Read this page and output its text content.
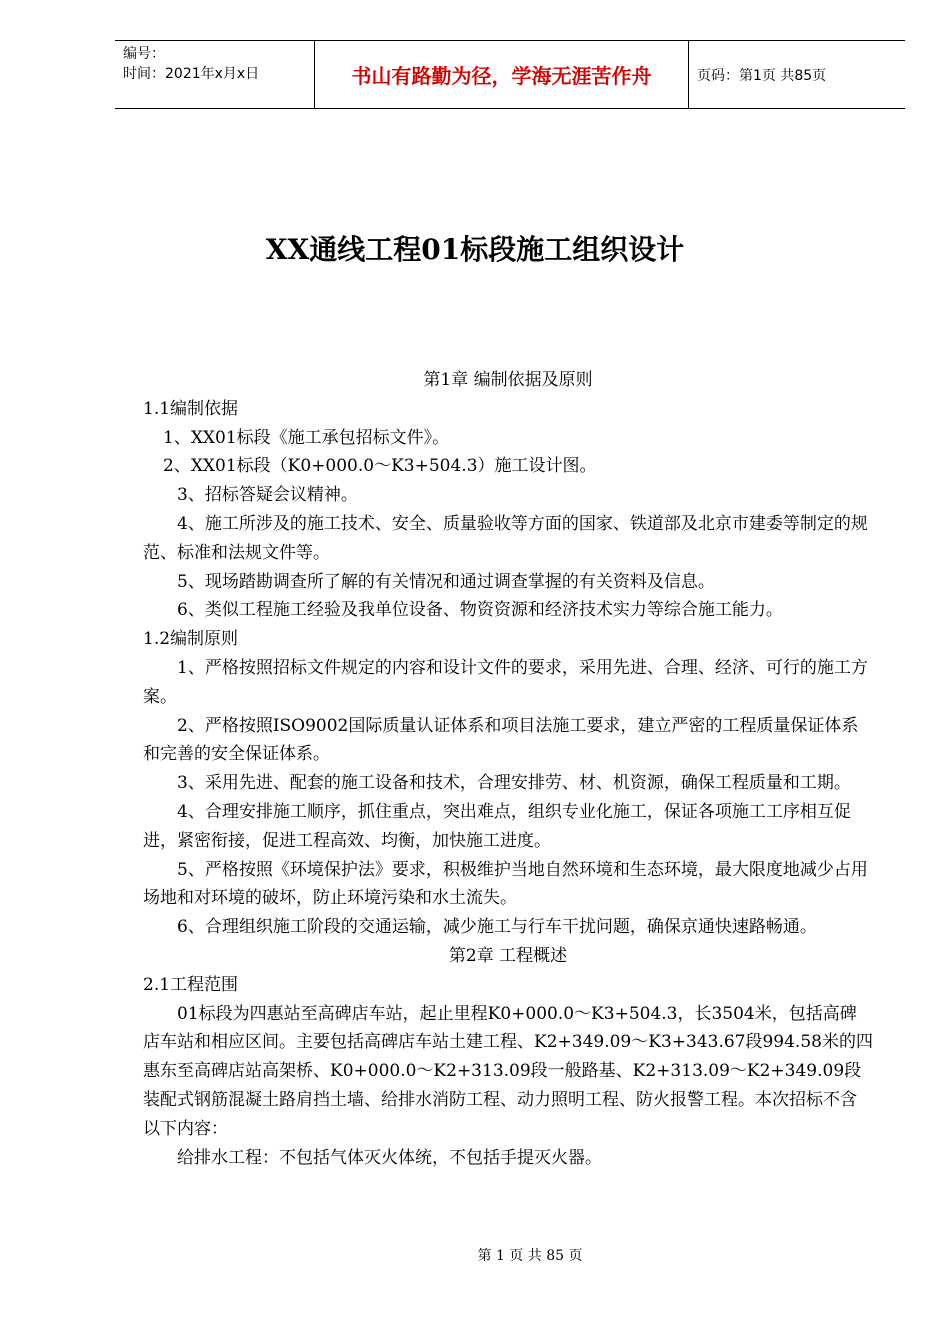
编号：
时间：2021年x月x日	书山有路勤为径，学海无涯苦作舟	页码：第1页 共85页
XX通线工程01标段施工组织设计

第1章 编制依据及原则

1.1编制依据

1、XX01标段《施工承包招标文件》。

2、XX01标段（K0+000.0～K3+504.3）施工设计图。

3、招标答疑会议精神。

4、施工所涉及的施工技术、安全、质量验收等方面的国家、铁道部及北京市建委等制定的规范、标准和法规文件等。

5、现场踏勘调查所了解的有关情况和通过调查掌握的有关资料及信息。

6、类似工程施工经验及我单位设备、物资资源和经济技术实力等综合施工能力。

1.2编制原则

1、严格按照招标文件规定的内容和设计文件的要求，采用先进、合理、经济、可行的施工方案。

2、严格按照ISO9002国际质量认证体系和项目法施工要求，建立严密的工程质量保证体系和完善的安全保证体系。

3、采用先进、配套的施工设备和技术，合理安排劳、材、机资源，确保工程质量和工期。

4、合理安排施工顺序，抓住重点，突出难点，组织专业化施工，保证各项施工工序相互促进，紧密衔接，促进工程高效、均衡，加快施工进度。

5、严格按照《环境保护法》要求，积极维护当地自然环境和生态环境，最大限度地减少占用场地和对环境的破坏，防止环境污染和水土流失。

6、合理组织施工阶段的交通运输，减少施工与行车干扰问题，确保京通快速路畅通。

第2章 工程概述

2.1工程范围

01标段为四惠站至高碑店车站，起止里程K0+000.0～K3+504.3，长3504米，包括高碑店车站和相应区间。主要包括高碑店车站土建工程、K2+349.09～K3+343.67段994.58米的四惠东至高碑店站高架桥、K0+000.0～K2+313.09段一般路基、K2+313.09～K2+349.09段装配式钢筋混凝土路肩挡土墙、给排水消防工程、动力照明工程、防火报警工程。本次招标不含以下内容：

给排水工程：不包括气体灭火体统，不包括手提灭火器。

第 1 页 共 85 页
